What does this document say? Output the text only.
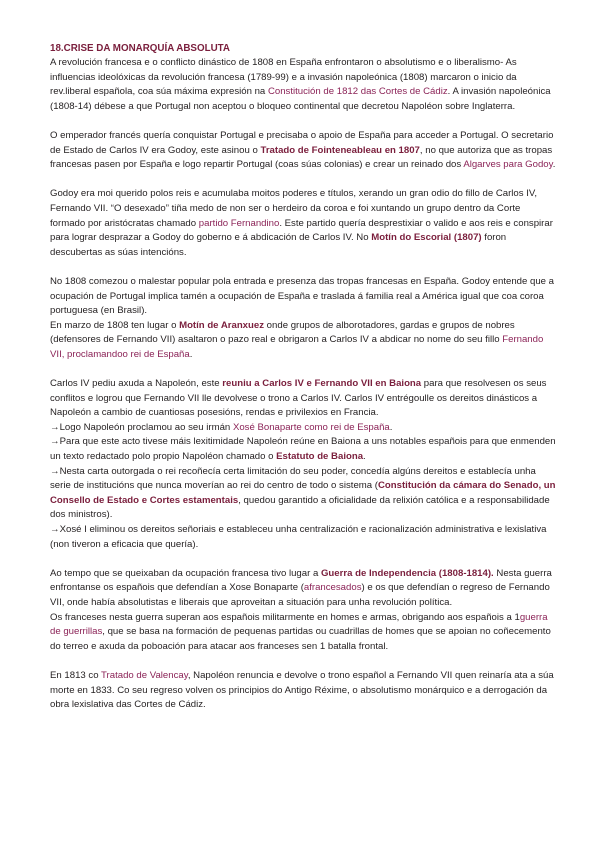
18.CRISE DA MONARQUÍA ABSOLUTA

A revolución francesa e o conflicto dinástico de 1808 en España enfrontaron o absolutismo e o liberalismo- As influencias ideolóxicas da revolución francesa (1789-99) e a invasión napoleónica (1808) marcaron o inicio da rev.liberal española, coa súa máxima expresión na Constitución de 1812 das Cortes de Cádiz. A invasión napoleónica (1808-14) débese a que Portugal non aceptou o bloqueo continental que decretou Napoléon sobre Inglaterra.

O emperador francés quería conquistar Portugal e precisaba o apoio de España para acceder a Portugal. O secretario de Estado de Carlos IV era Godoy, este asinou o Tratado de Fointeneableau en 1807, no que autoriza que as tropas francesas pasen por España e logo repartir Portugal (coas súas colonias) e crear un reinado dos Algarves para Godoy.

Godoy era moi querido polos reis e acumulaba moitos poderes e títulos, xerando un gran odio do fillo de Carlos IV, Fernando VII. “O desexado” tiña medo de non ser o herdeiro da coroa e foi xuntando un grupo dentro da Corte formado por aristócratas chamado partido Fernandino. Este partido quería desprestixiar o valido e aos reis e conspirar para lograr desprazar a Godoy do goberno e á abdicación de Carlos IV. No Motín do Escorial (1807) foron descubertas as súas intencións.

No 1808 comezou o malestar popular pola entrada e presenza das tropas francesas en España. Godoy entende que a ocupación de Portugal implica tamén a ocupación de España e traslada á familia real a América igual que coa coroa portuguesa (en Brasil).
En marzo de 1808 ten lugar o Motín de Aranxuez onde grupos de alborotadores, gardas e grupos de nobres (defensores de Fernando VII) asaltaron o pazo real e obrigaron a Carlos IV a abdicar no nome do seu fillo Fernando VII, proclamandoo rei de España.

Carlos IV pediu axuda a Napoleón, este reuniu a Carlos IV e Fernando VII en Baiona para que resolvesen os seus conflitos e logrou que Fernando VII lle devolvese o trono a Carlos IV. Carlos IV entrégoulle os dereitos dinásticos a Napoleón a cambio de cuantiosas posesións, rendas e privilexios en Francia.
→Logo Napoleón proclamou ao seu irmán Xosé Bonaparte como rei de España.
→Para que este acto tivese máis lexitimidade Napoleón reúne en Baiona a uns notables españois para que enmenden un texto redactado polo propio Napoléon chamado o Estatuto de Baiona.
→Nesta carta outorgada o rei recoñecía certa limitación do seu poder, concedía algúns dereitos e establecía unha serie de institucións que nunca moverían ao rei do centro de todo o sistema (Constitución da cámara do Senado, un Consello de Estado e Cortes estamentais, quedou garantido a oficialidade da relixión católica e a responsabilidade dos ministros).
→Xosé I eliminou os dereitos señoriais e estableceu unha centralización e racionalización administrativa e lexislativa (non tiveron a eficacia que quería).

Ao tempo que se queixaban da ocupación francesa tivo lugar a Guerra de Independencia (1808-1814). Nesta guerra enfrontanse os españois que defendían a Xose Bonaparte (afrancesados) e os que defendían o regreso de Fernando VII, onde había absolutistas e liberais que aproveitan a situación para unha revolución política.
Os franceses nesta guerra superan aos españois militarmente en homes e armas, obrigando aos españois a 1guerra de guerrillas, que se basa na formación de pequenas partidas ou cuadrillas de homes que se apoian no coñecemento do terreo e axuda da poboación para atacar aos franceses sen 1 batalla frontal.

En 1813 co Tratado de Valencay, Napoléon renuncia e devolve o trono español a Fernando VII quen reinaría ata a súa morte en 1833. Co seu regreso volven os principios do Antigo Réxime, o absolutismo monárquico e a derrogación da obra lexislativa das Cortes de Cádiz.
